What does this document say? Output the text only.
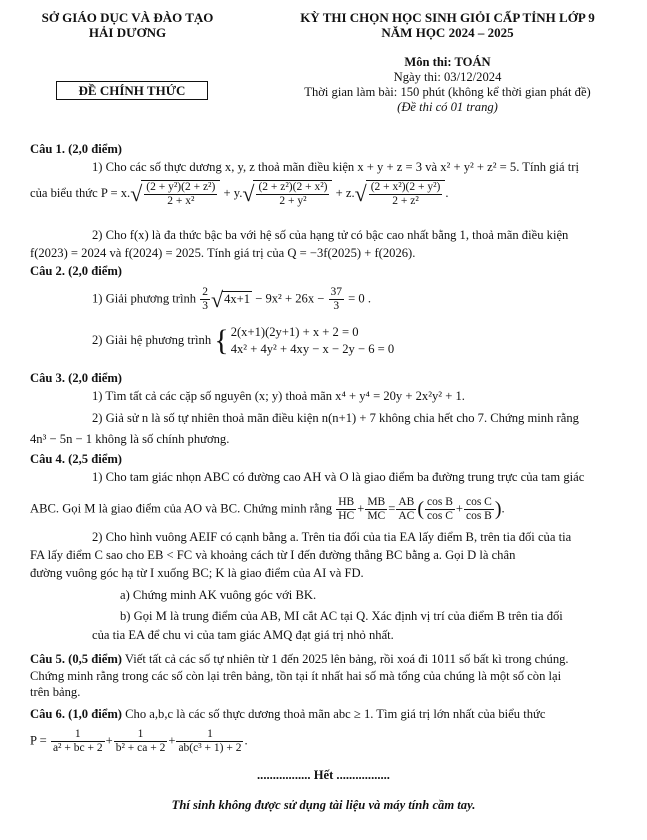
SỞ GIÁO DỤC VÀ ĐÀO TẠO
HẢI DƯƠNG
ĐỀ CHÍNH THỨC
KỲ THI CHỌN HỌC SINH GIỎI CẤP TỈNH LỚP 9
NĂM HỌC 2024 – 2025
Môn thi: TOÁN
Ngày thi: 03/12/2024
Thời gian làm bài: 150 phút (không kể thời gian phát đề)
(Đề thi có 01 trang)
Câu 1. (2,0 điểm)
1) Cho các số thực dương x, y, z thoả mãn điều kiện x + y + z = 3 và x² + y² + z² = 5. Tính giá trị
của biểu thức P = x. √ $\frac{\text{(2 + y²)(2 + z²)}}{\text{2 + x²}} + y$. √ $\frac{\text{(2 + z²)(2 + x²)}}{\text{2 + y²}} + z$. √ $\frac{\text{(2 + x²)(2 + y²)}}{\text{2 + z²}}$ .
2) Cho f(x) là đa thức bậc ba với hệ số của hạng tử có bậc cao nhất bằng 1, thoả mãn điều kiện
f(2023) = 2024 và f(2024) = 2025. Tính giá trị của Q = −3f(2025) + f(2026).
Câu 2. (2,0 điểm)
1) Giải phương trình $\frac{2}{3}$ √ $4x+1 - 9x^2 + 26x - \frac{37}{3} = 0$ .
2) Giải hệ phương trình { 2(x+1)(2y+1) + x + 2 = 0
4x² + 4y² + 4xy − x − 2y − 6 = 0
Câu 3. (2,0 điểm)
1) Tìm tất cả các cặp số nguyên (x; y) thoả mãn x⁴ + y⁴ = 20y + 2x²y² + 1.
2) Giả sử n là số tự nhiên thoả mãn điều kiện n(n+1) + 7 không chia hết cho 7. Chứng minh rằng
4n³ − 5n − 1 không là số chính phương.
Câu 4. (2,5 điểm)
1) Cho tam giác nhọn ABC có đường cao AH và O là giao điểm ba đường trung trực của tam giác
ABC. Gọi M là giao điểm của AO và BC. Chứng minh rằng $\frac{HB}{HC} + \frac{MB}{MC} = \frac{AB}{AC}$ ( $\frac{\text{cos B}}{\text{cos C}} + \frac{\text{cos C}}{\text{cos B}}$ ).
2) Cho hình vuông AEIF có cạnh bằng a. Trên tia đối của tia EA lấy điểm B, trên tia đối của tia
FA lấy điểm C sao cho EB < FC và khoảng cách từ I đến đường thẳng BC bằng a. Gọi D là chân
đường vuông góc hạ từ I xuống BC; K là giao điểm của AI và FD.
a) Chứng minh AK vuông góc với BK.
b) Gọi M là trung điểm của AB, MI cắt AC tại Q. Xác định vị trí của điểm B trên tia đối
của tia EA để chu vi của tam giác AMQ đạt giá trị nhỏ nhất.
Câu 5. (0,5 điểm) Viết tất cả các số tự nhiên từ 1 đến 2025 lên bảng, rồi xoá đi 1011 số bất kì trong chúng.
Chứng minh rằng trong các số còn lại trên bảng, tồn tại ít nhất hai số mà tổng của chúng là một số còn lại
trên bảng.
Câu 6. (1,0 điểm) Cho a,b,c là các số thực dương thoả mãn abc ≥ 1. Tìm giá trị lớn nhất của biểu thức
$P = \frac{1}{\text{a² + bc + 2}} + \frac{1}{\text{b² + ca + 2}} + \frac{1}{\text{ab(c³ + 1) + 2}}$ .
................. Hết .................
Thí sinh không được sử dụng tài liệu và máy tính cầm tay.
